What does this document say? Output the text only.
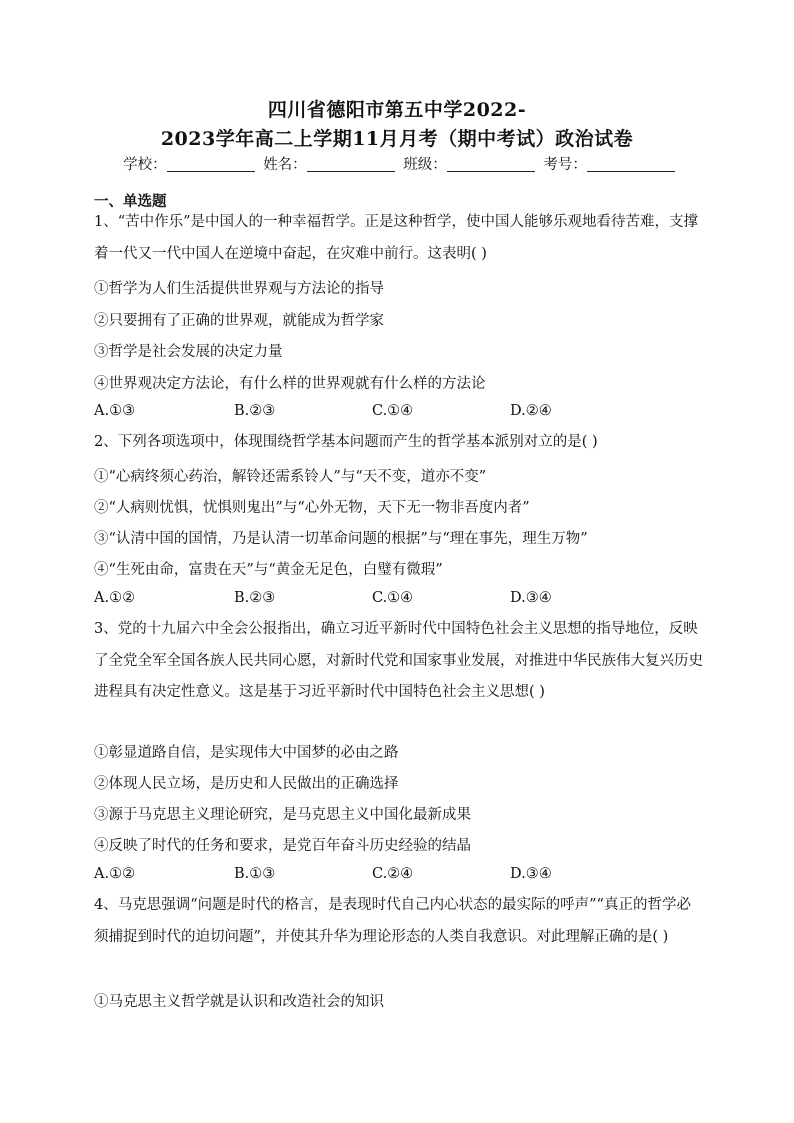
四川省德阳市第五中学2022-
2023学年高二上学期11月月考（期中考试）政治试卷
学校：	姓名：	班级：	考号：
一、单选题
1、“苦中作乐”是中国人的一种幸福哲学。正是这种哲学，使中国人能够乐观地看待苦难，支撑着一代又一代中国人在逆境中奋起，在灾难中前行。这表明( )
①哲学为人们生活提供世界观与方法论的指导
②只要拥有了正确的世界观，就能成为哲学家
③哲学是社会发展的决定力量
④世界观决定方法论，有什么样的世界观就有什么样的方法论
A.①③	B.②③	C.①④	D.②④
2、下列各项选项中，体现围绕哲学基本问题而产生的哲学基本派别对立的是( )
①“心病终须心药治，解铃还需系铃人”与“天不变，道亦不变”
②“人病则忧惧，忧惧则鬼出”与“心外无物，天下无一物非吾度内者”
③“认清中国的国情，乃是认清一切革命问题的根据”与“理在事先，理生万物”
④“生死由命，富贵在天”与“黄金无足色，白璧有微瑕”
A.①②	B.②③	C.①④	D.③④
3、党的十九届六中全会公报指出，确立习近平新时代中国特色社会主义思想的指导地位，反映了全党全军全国各族人民共同心愿，对新时代党和国家事业发展，对推进中华民族伟大复兴历史进程具有决定性意义。这是基于习近平新时代中国特色社会主义思想( )
①彰显道路自信，是实现伟大中国梦的必由之路
②体现人民立场，是历史和人民做出的正确选择
③源于马克思主义理论研究，是马克思主义中国化最新成果
④反映了时代的任务和要求，是党百年奋斗历史经验的结晶
A.①②	B.①③	C.②④	D.③④
4、马克思强调“问题是时代的格言，是表现时代自己内心状态的最实际的呼声”“真正的哲学必须捕捉到时代的迫切问题”，并使其升华为理论形态的人类自我意识。对此理解正确的是( )
①马克思主义哲学就是认识和改造社会的知识
